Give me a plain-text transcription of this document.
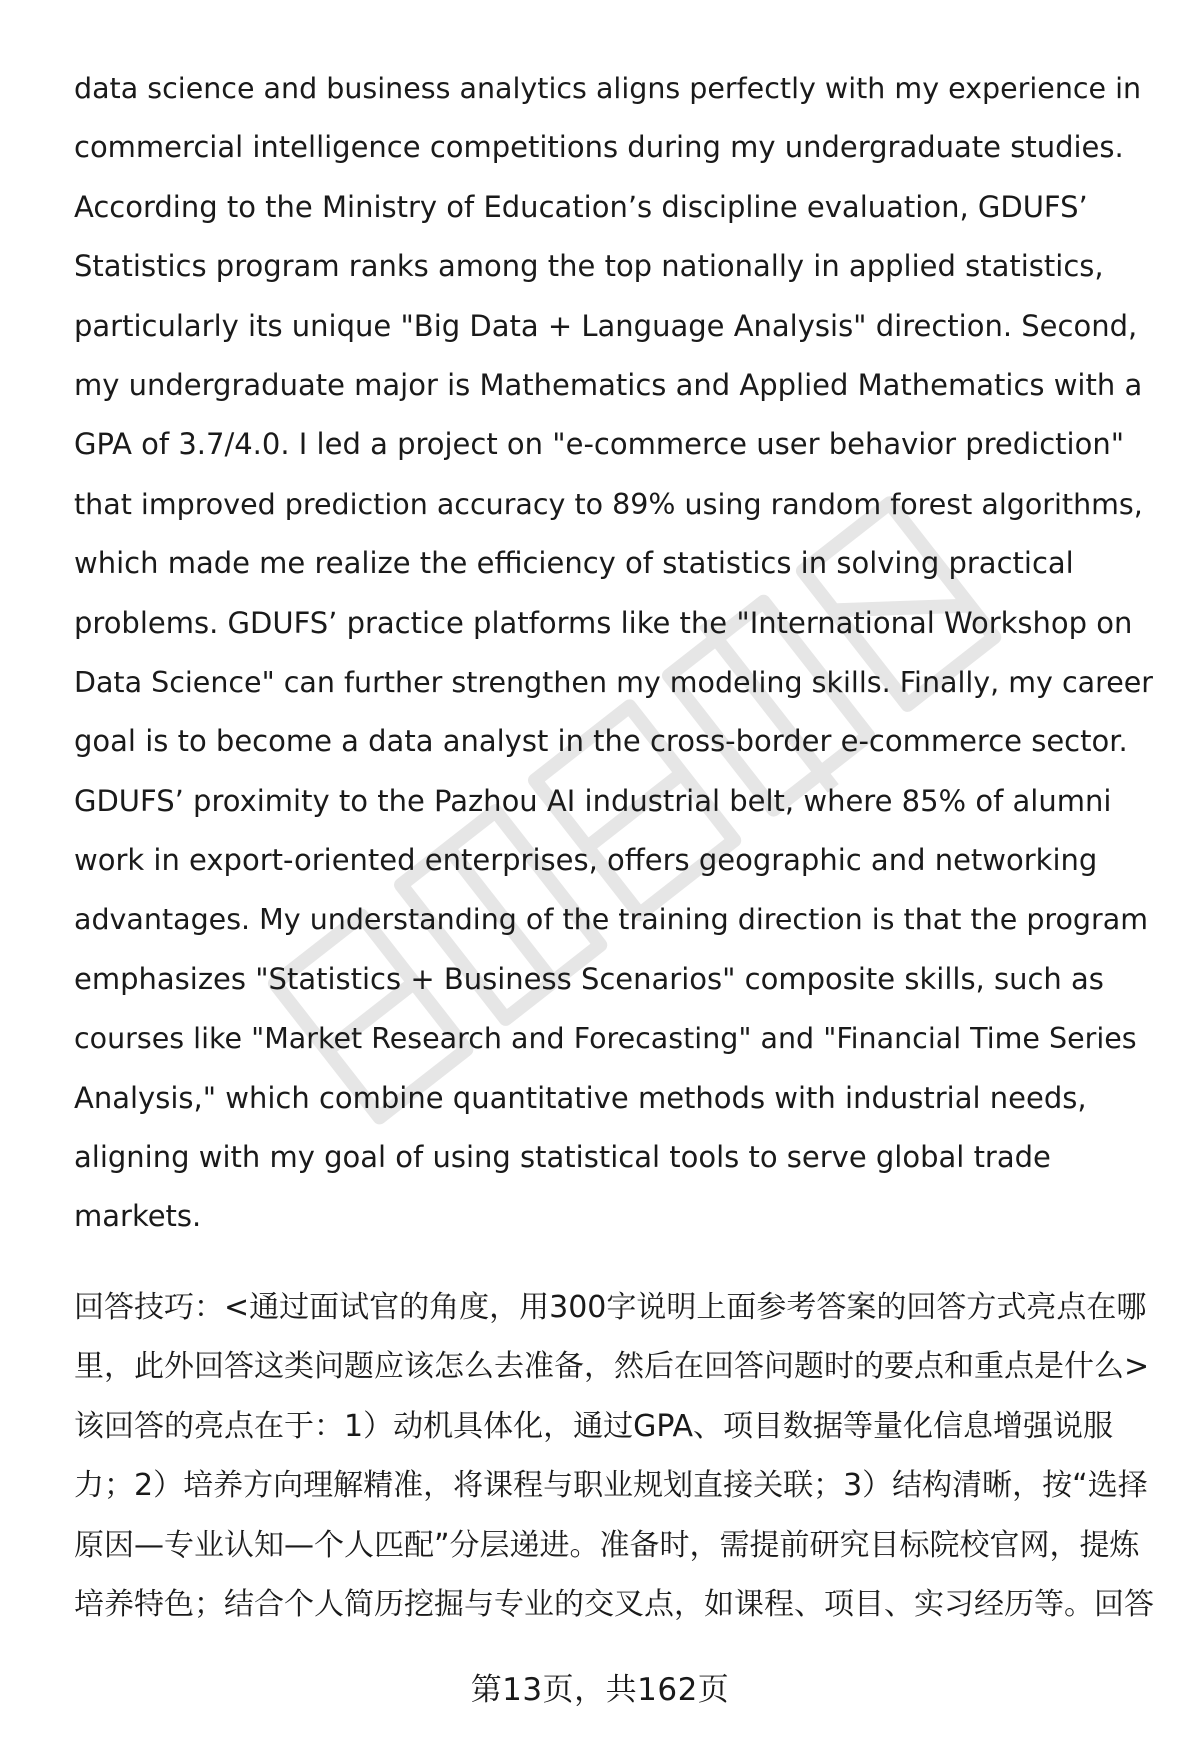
data science and business analytics aligns perfectly with my experience in
commercial intelligence competitions during my undergraduate studies.
According to the Ministry of Education’s discipline evaluation, GDUFS’
Statistics program ranks among the top nationally in applied statistics,
particularly its unique "Big Data + Language Analysis" direction. Second,
my undergraduate major is Mathematics and Applied Mathematics with a
GPA of 3.7/4.0. I led a project on "e-commerce user behavior prediction"
that improved prediction accuracy to 89% using random forest algorithms,
which made me realize the efficiency of statistics in solving practical
problems. GDUFS’ practice platforms like the "International Workshop on
Data Science" can further strengthen my modeling skills. Finally, my career
goal is to become a data analyst in the cross-border e-commerce sector.
GDUFS’ proximity to the Pazhou AI industrial belt, where 85% of alumni
work in export-oriented enterprises, offers geographic and networking
advantages. My understanding of the training direction is that the program
emphasizes "Statistics + Business Scenarios" composite skills, such as
courses like "Market Research and Forecasting" and "Financial Time Series
Analysis," which combine quantitative methods with industrial needs,
aligning with my goal of using statistical tools to serve global trade
markets.
回答技巧：<通过面试官的角度，用300字说明上面参考答案的回答方式亮点在哪
里，此外回答这类问题应该怎么去准备，然后在回答问题时的要点和重点是什么>
该回答的亮点在于：1）动机具体化，通过GPA、项目数据等量化信息增强说服
力；2）培养方向理解精准，将课程与职业规划直接关联；3）结构清晰，按“选择
原因—专业认知—个人匹配”分层递进。准备时，需提前研究目标院校官网，提炼
培养特色；结合个人简历挖掘与专业的交叉点，如课程、项目、实习经历等。回答
第13页，共162页
